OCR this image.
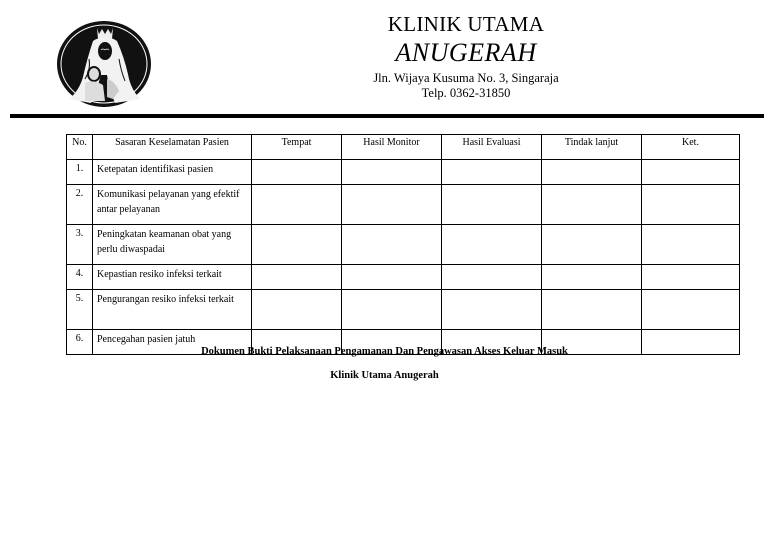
KLINIK UTAMA
ANUGERAH
Jln. Wijaya Kusuma No. 3, Singaraja
Telp. 0362-31850
No.	Sasaran Keselamatan Pasien	Tempat	Hasil Monitor	Hasil Evaluasi	Tindak lanjut	Ket.
1.	Ketepatan identifikasi pasien					
2.	Komunikasi pelayanan yang efektif antar pelayanan					
3.	Peningkatan keamanan obat yang perlu diwaspadai					
4.	Kepastian resiko infeksi terkait					
5.	Pengurangan resiko infeksi terkait					
6.	Pencegahan pasien jatuh					
Dokumen Bukti Pelaksanaan Pengamanan Dan Pengawasan Akses Keluar Masuk
Klinik Utama Anugerah
